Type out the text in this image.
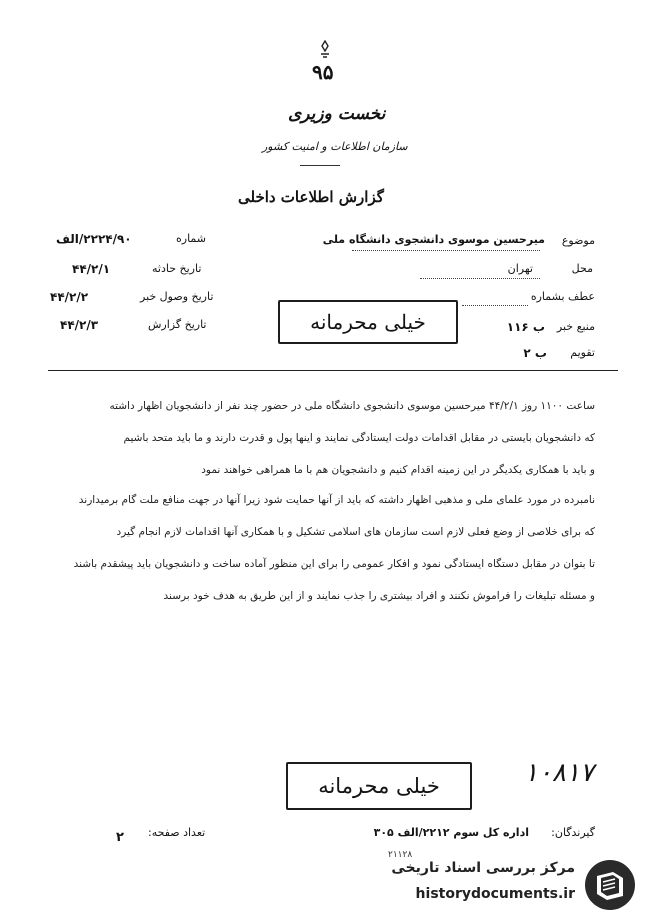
۹۵
نخست وزیری
سازمان اطلاعات و امنیت کشور
گزارش اطلاعات داخلی
شماره
۲۲۲۴/۹۰/الف
تاریخ حادثه
۴۴/۲/۱
تاریخ وصول خبر
۴۴/۲/۲
تاریخ گزارش
۴۴/۲/۳
موضوع
میرحسین موسوی دانشجوی دانشگاه ملی
محل
تهران
عطف بشماره
منبع خبر
ب ۱۱۶
تقویم
ب ۲
خیلی محرمانه
ساعت ۱۱۰۰ روز ۴۴/۲/۱ میرحسین موسوی دانشجوی دانشگاه ملی در حضور چند نفر از دانشجویان اظهار داشته
که دانشجویان بایستی در مقابل اقدامات دولت ایستادگی نمایند و اینها پول و قدرت دارند و ما باید متحد باشیم
و باید با همکاری یکدیگر در این زمینه اقدام کنیم و دانشجویان هم با ما همراهی خواهند نمود
نامبرده در مورد علمای ملی و مذهبی اظهار داشته که باید از آنها حمایت شود زیرا آنها در جهت منافع ملت گام برمیدارند
که برای خلاصی از وضع فعلی لازم است سازمان های اسلامی تشکیل و با همکاری آنها اقدامات لازم انجام گیرد
تا بتوان در مقابل دستگاه ایستادگی نمود و افکار عمومی را برای این منظور آماده ساخت و دانشجویان باید پیشقدم باشند
و مسئله تبلیغات را فراموش نکنند و افراد بیشتری را جذب نمایند و از این طریق به هدف خود برسند
خیلی محرمانه	۱۰۸۱۷
گیرندگان:
اداره کل سوم ۲۲۱۲/الف ۳۰۵
تعداد صفحه:
۲
۲۱۱۲۸
مرکز بررسی اسناد تاریخی
historydocuments.ir
